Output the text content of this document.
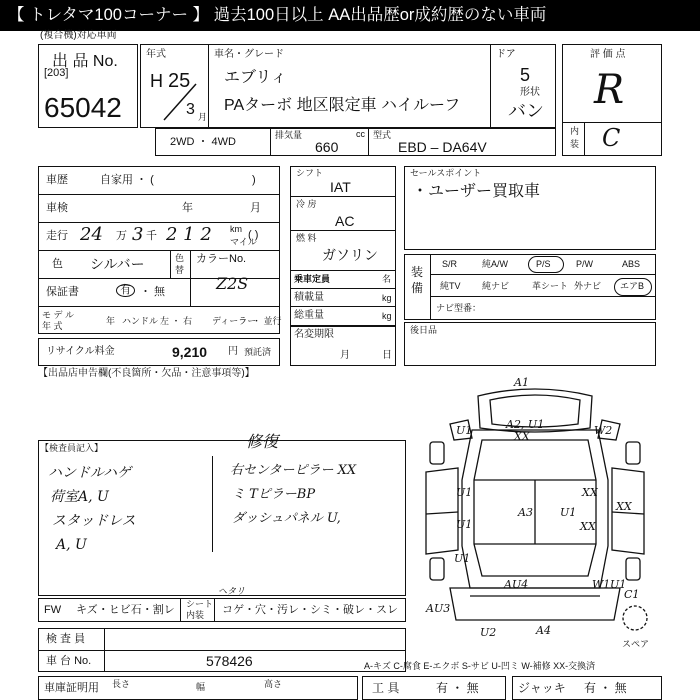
【 トレタマ100コーナー 】 過去100日以上 AA出品歴or成約歴のない車両
(複合機)対応車両
出 品 No.
[203]
65042
年式
H 25
3 月
車名・グレード
エブリィ
PAターボ 地区限定車 ハイルーフ
ドア
5
形状
バン
評 価 点
R
内
装 C
2WD ・ 4WD
排気量	cc
660
型式
EBD – DA64V
車歴	自家用 ・ (	)
車検	年	月
走行 24 万 3 千 2 1 2 km
マイル
( )
色 シルバー	色
替
カラーNo.
Z2S
保証書	有 ・ 無
モ デ ル
年 式	年 ハンドル 左 ・ 右 ディーラー
・ 並行
リサイクル料金	9,210 円 預託済
シフト
IAT
冷 房
AC
燃 料
ガソリン
乗車定員	名
積載量	kg
総重量	kg
名変期限
月	日
セールスポイント
・ユーザー買取車
装
備
S/R	純A/W	P/S	P/W	ABS
純TV 純ナビ	革シート 外ナビ エアB
ナビ型番：
後日品
【出品店申告欄(不良箇所・欠品・注意事項等)】
【検査員記入】	修復
ハンドルハゲ
荷室A, U
スタッドレス
A, U
右センターピラー XX
ミ TピラーBP
ダッシュパネル U,
A1
A2, U1
XX
U1	W2
U1	XX
XX
U1
A3 U1
XX
U1
AU4	W1 U1
C1
AU3
U2	A4
スペア
FW キズ・ヒビ石・割レ
ヘタリ
シート
内装 コゲ・穴・汚レ・シミ・破レ・スレ
検 査 員
車 台 No.	578426
車庫証明用 長さ	幅	高さ
A-キズ C-腐食 E-エクボ S-サビ U-凹ミ W-補修 XX-交換済
工 具	有 ・ 無	ジャッキ 有 ・ 無
